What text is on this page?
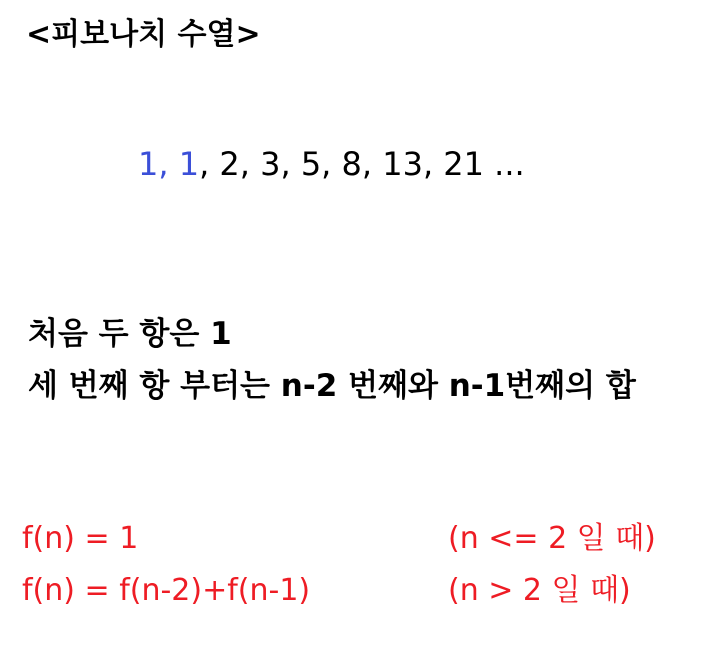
<피보나치 수열>
1, 1, 2, 3, 5, 8, 13, 21 ...
처음 두 항은 1
세 번째 항 부터는 n-2 번째와 n-1번째의 합
f(n) = 1	(n <= 2 일 때)
f(n) = f(n-2)+f(n-1)	(n > 2 일 때)
